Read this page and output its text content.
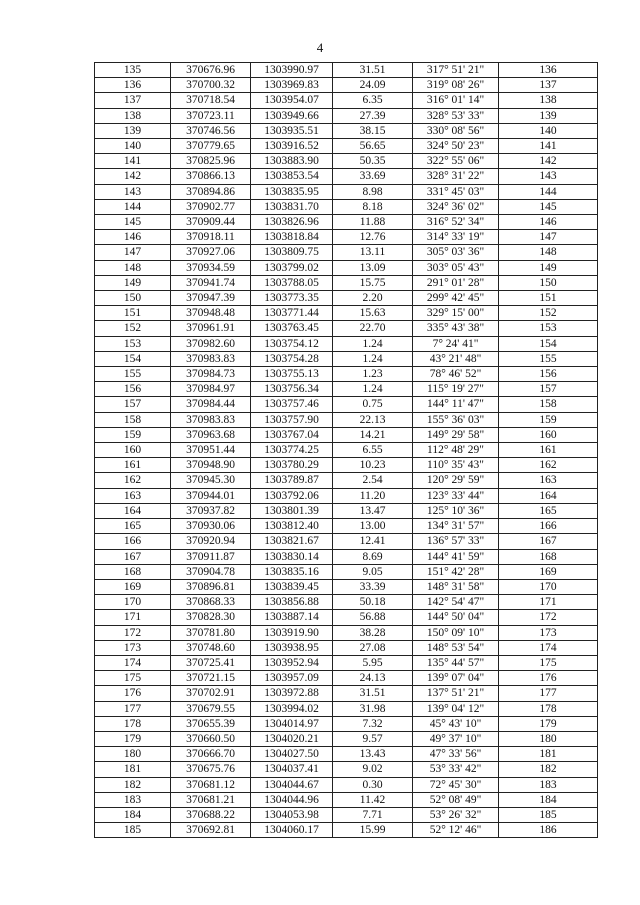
4
135	370676.96	1303990.97	31.51	317° 51' 21"	136
136	370700.32	1303969.83	24.09	319° 08' 26"	137
137	370718.54	1303954.07	6.35	316° 01' 14"	138
138	370723.11	1303949.66	27.39	328° 53' 33"	139
139	370746.56	1303935.51	38.15	330° 08' 56"	140
140	370779.65	1303916.52	56.65	324° 50' 23"	141
141	370825.96	1303883.90	50.35	322° 55' 06"	142
142	370866.13	1303853.54	33.69	328° 31' 22"	143
143	370894.86	1303835.95	8.98	331° 45' 03"	144
144	370902.77	1303831.70	8.18	324° 36' 02"	145
145	370909.44	1303826.96	11.88	316° 52' 34"	146
146	370918.11	1303818.84	12.76	314° 33' 19"	147
147	370927.06	1303809.75	13.11	305° 03' 36"	148
148	370934.59	1303799.02	13.09	303° 05' 43"	149
149	370941.74	1303788.05	15.75	291° 01' 28"	150
150	370947.39	1303773.35	2.20	299° 42' 45"	151
151	370948.48	1303771.44	15.63	329° 15' 00"	152
152	370961.91	1303763.45	22.70	335° 43' 38"	153
153	370982.60	1303754.12	1.24	7° 24' 41"	154
154	370983.83	1303754.28	1.24	43° 21' 48"	155
155	370984.73	1303755.13	1.23	78° 46' 52"	156
156	370984.97	1303756.34	1.24	115° 19' 27"	157
157	370984.44	1303757.46	0.75	144° 11' 47"	158
158	370983.83	1303757.90	22.13	155° 36' 03"	159
159	370963.68	1303767.04	14.21	149° 29' 58"	160
160	370951.44	1303774.25	6.55	112° 48' 29"	161
161	370948.90	1303780.29	10.23	110° 35' 43"	162
162	370945.30	1303789.87	2.54	120° 29' 59"	163
163	370944.01	1303792.06	11.20	123° 33' 44"	164
164	370937.82	1303801.39	13.47	125° 10' 36"	165
165	370930.06	1303812.40	13.00	134° 31' 57"	166
166	370920.94	1303821.67	12.41	136° 57' 33"	167
167	370911.87	1303830.14	8.69	144° 41' 59"	168
168	370904.78	1303835.16	9.05	151° 42' 28"	169
169	370896.81	1303839.45	33.39	148° 31' 58"	170
170	370868.33	1303856.88	50.18	142° 54' 47"	171
171	370828.30	1303887.14	56.88	144° 50' 04"	172
172	370781.80	1303919.90	38.28	150° 09' 10"	173
173	370748.60	1303938.95	27.08	148° 53' 54"	174
174	370725.41	1303952.94	5.95	135° 44' 57"	175
175	370721.15	1303957.09	24.13	139° 07' 04"	176
176	370702.91	1303972.88	31.51	137° 51' 21"	177
177	370679.55	1303994.02	31.98	139° 04' 12"	178
178	370655.39	1304014.97	7.32	45° 43' 10"	179
179	370660.50	1304020.21	9.57	49° 37' 10"	180
180	370666.70	1304027.50	13.43	47° 33' 56"	181
181	370675.76	1304037.41	9.02	53° 33' 42"	182
182	370681.12	1304044.67	0.30	72° 45' 30"	183
183	370681.21	1304044.96	11.42	52° 08' 49"	184
184	370688.22	1304053.98	7.71	53° 26' 32"	185
185	370692.81	1304060.17	15.99	52° 12' 46"	186
